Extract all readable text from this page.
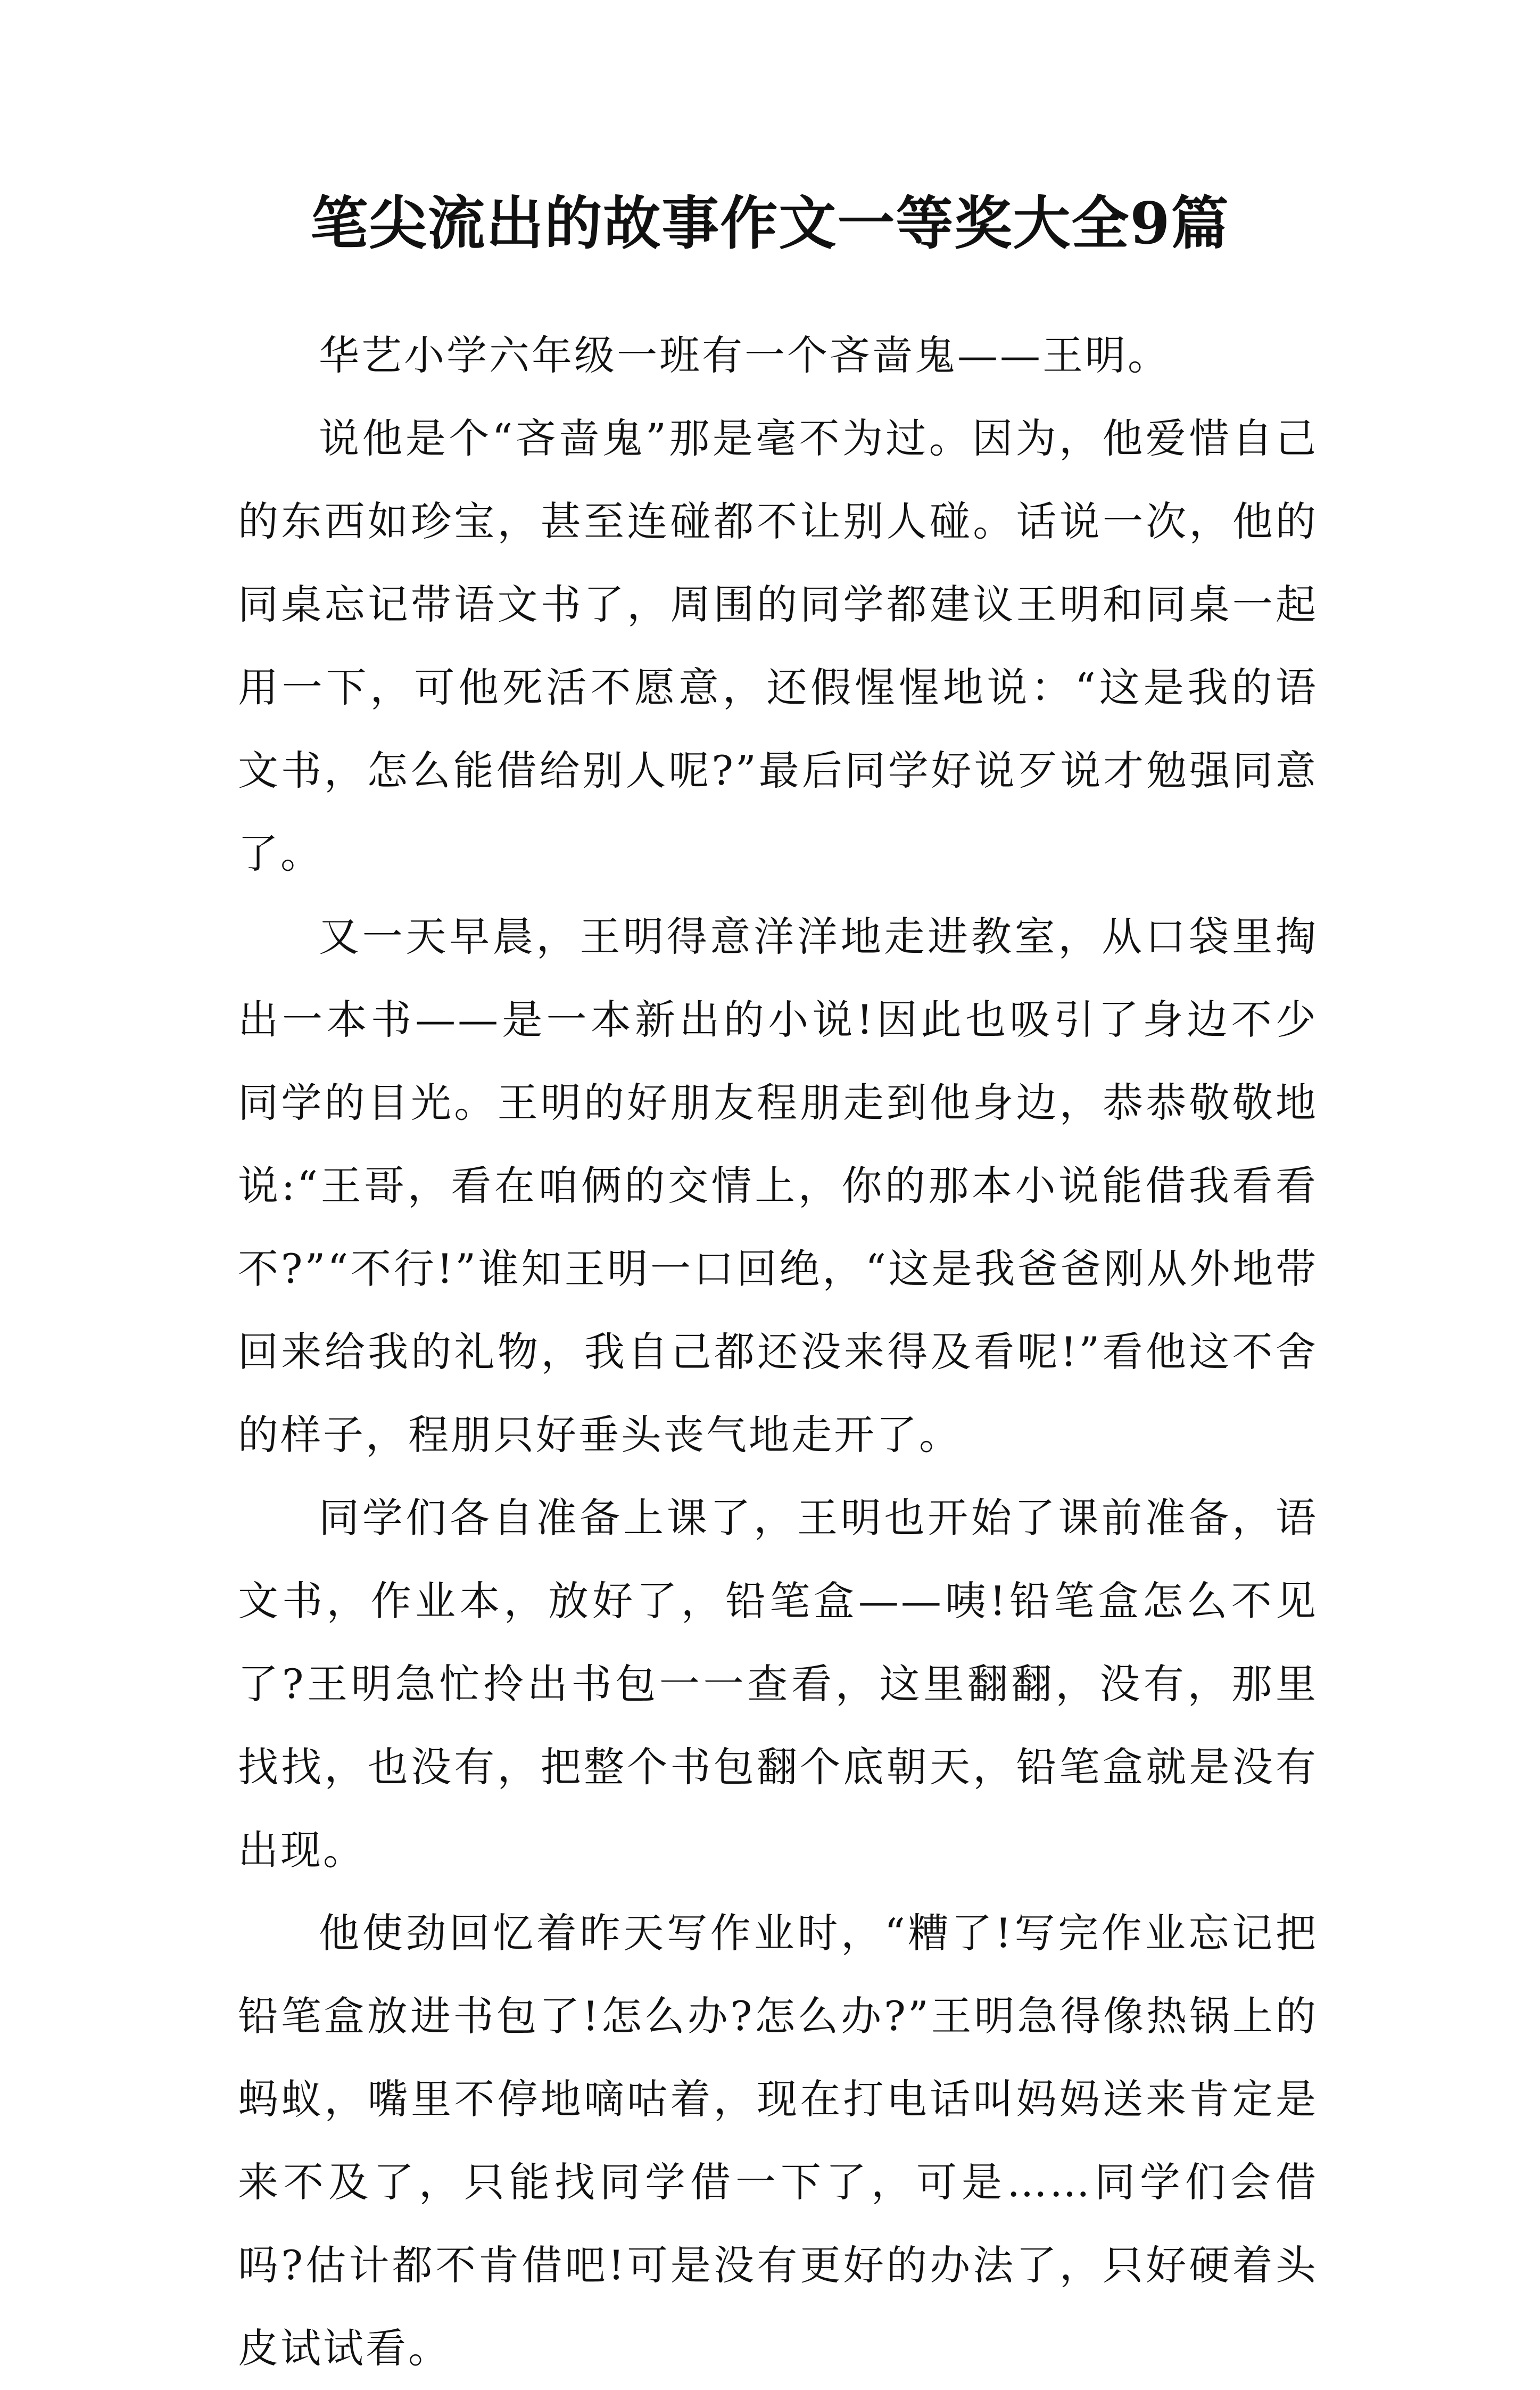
笔尖流出的故事作文一等奖大全9篇

华艺小学六年级一班有一个吝啬鬼——王明。

说他是个“吝啬鬼”那是毫不为过。因为，他爱惜自己的东西如珍宝，甚至连碰都不让别人碰。话说一次，他的同桌忘记带语文书了，周围的同学都建议王明和同桌一起用一下，可他死活不愿意，还假惺惺地说：“这是我的语文书，怎么能借给别人呢?”最后同学好说歹说才勉强同意了。

又一天早晨，王明得意洋洋地走进教室，从口袋里掏出一本书——是一本新出的小说!因此也吸引了身边不少同学的目光。王明的好朋友程朋走到他身边，恭恭敬敬地说:“王哥，看在咱俩的交情上，你的那本小说能借我看看不?”“不行!”谁知王明一口回绝，“这是我爸爸刚从外地带回来给我的礼物，我自己都还没来得及看呢!”看他这不舍的样子，程朋只好垂头丧气地走开了。

同学们各自准备上课了，王明也开始了课前准备，语文书，作业本，放好了，铅笔盒——咦!铅笔盒怎么不见了?王明急忙拎出书包一一查看，这里翻翻，没有，那里找找，也没有，把整个书包翻个底朝天，铅笔盒就是没有出现。

他使劲回忆着昨天写作业时，“糟了!写完作业忘记把铅笔盒放进书包了!怎么办?怎么办?”王明急得像热锅上的蚂蚁，嘴里不停地嘀咕着，现在打电话叫妈妈送来肯定是来不及了，只能找同学借一下了，可是……同学们会借吗?估计都不肯借吧!可是没有更好的办法了，只好硬着头皮试试看。
